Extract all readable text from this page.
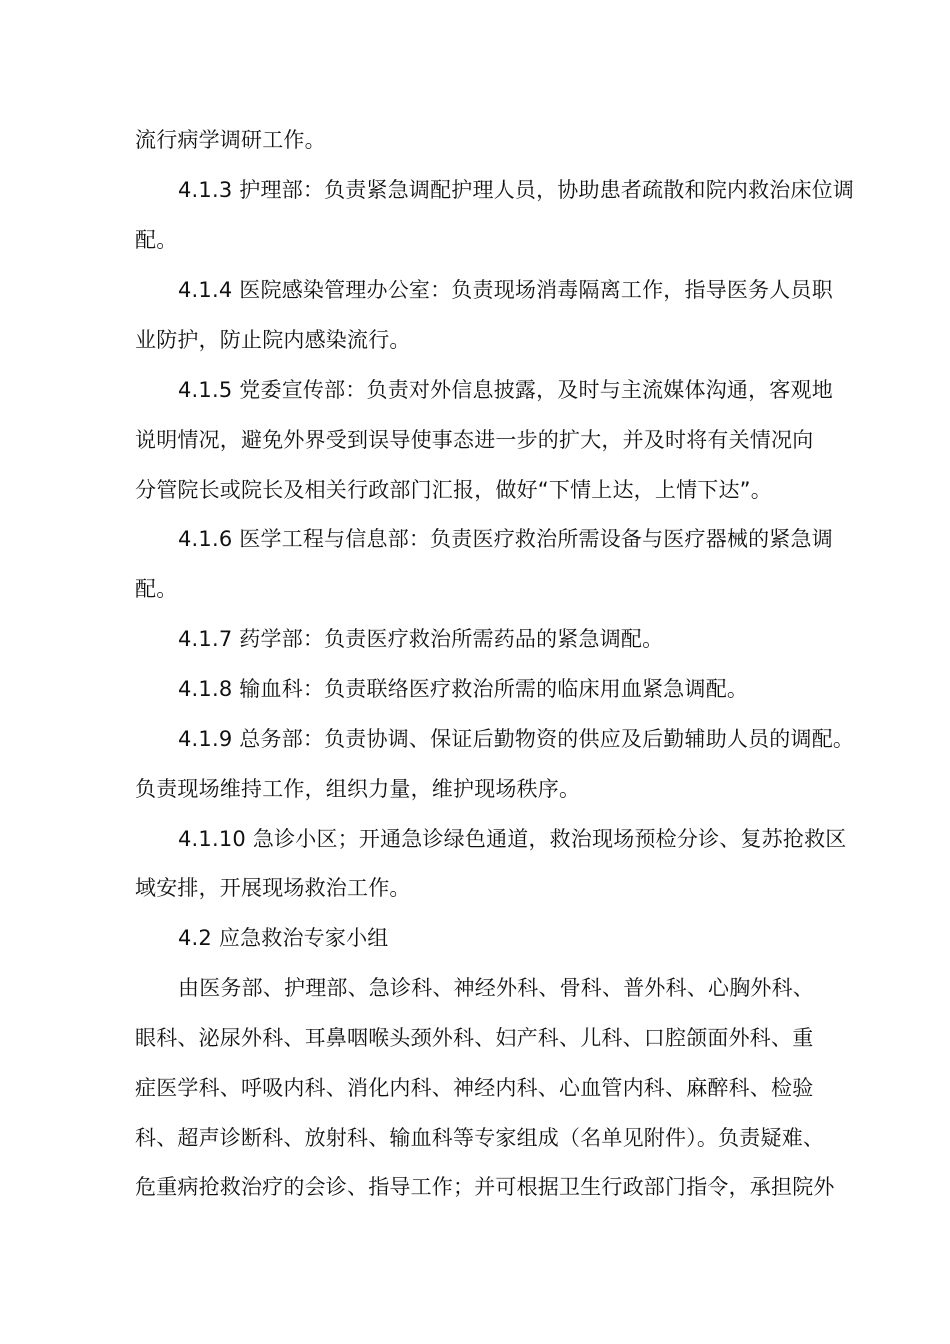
流行病学调研工作。
4.1.3 护理部：负责紧急调配护理人员，协助患者疏散和院内救治床位调
配。
4.1.4 医院感染管理办公室：负责现场消毒隔离工作，指导医务人员职
业防护，防止院内感染流行。
4.1.5 党委宣传部：负责对外信息披露，及时与主流媒体沟通，客观地
说明情况，避免外界受到误导使事态进一步的扩大，并及时将有关情况向
分管院长或院长及相关行政部门汇报，做好“下情上达，上情下达”。
4.1.6 医学工程与信息部：负责医疗救治所需设备与医疗器械的紧急调
配。
4.1.7 药学部：负责医疗救治所需药品的紧急调配。
4.1.8 输血科：负责联络医疗救治所需的临床用血紧急调配。
4.1.9 总务部：负责协调、保证后勤物资的供应及后勤辅助人员的调配。
负责现场维持工作，组织力量，维护现场秩序。
4.1.10 急诊小区；开通急诊绿色通道，救治现场预检分诊、复苏抢救区
域安排，开展现场救治工作。
4.2 应急救治专家小组
由医务部、护理部、急诊科、神经外科、骨科、普外科、心胸外科、
眼科、泌尿外科、耳鼻咽喉头颈外科、妇产科、儿科、口腔颌面外科、重
症医学科、呼吸内科、消化内科、神经内科、心血管内科、麻醉科、检验
科、超声诊断科、放射科、输血科等专家组成（名单见附件）。负责疑难、
危重病抢救治疗的会诊、指导工作；并可根据卫生行政部门指令，承担院外
